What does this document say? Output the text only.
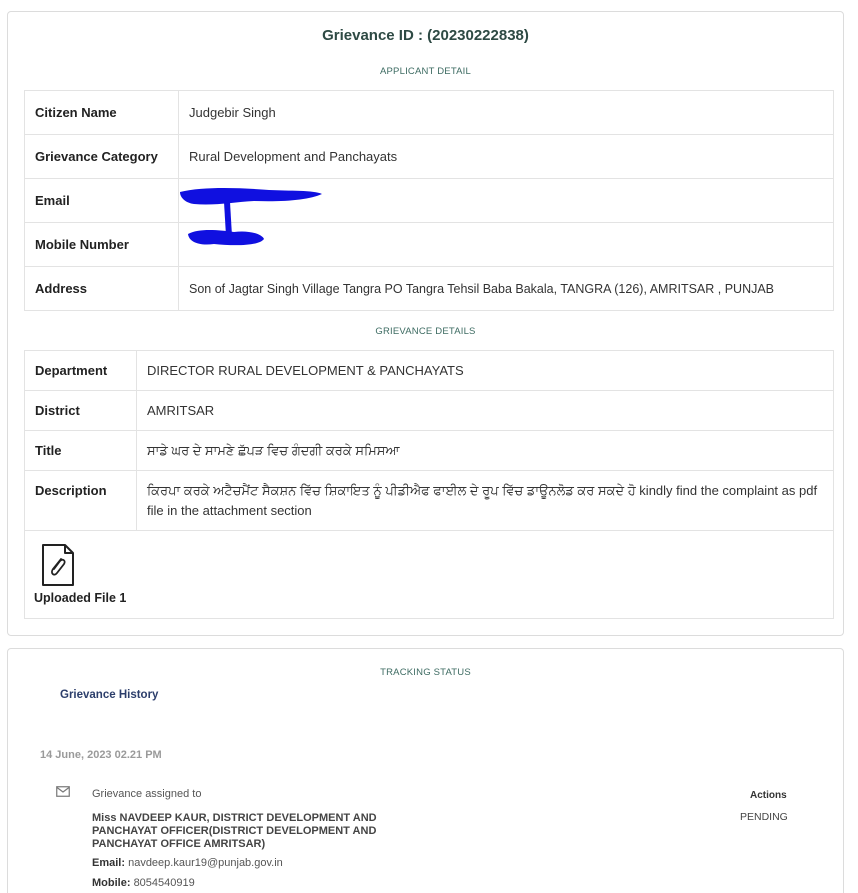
Grievance ID : (20230222838)
APPLICANT DETAIL
Citizen Name	Judgebir Singh
Grievance Category	Rural Development and Panchayats
Email	
Mobile Number	
Address	Son of Jagtar Singh Village Tangra PO Tangra Tehsil Baba Bakala, TANGRA (126), AMRITSAR , PUNJAB
GRIEVANCE DETAILS
Department	DIRECTOR RURAL DEVELOPMENT & PANCHAYATS
District	AMRITSAR
Title	ਸਾਡੇ ਘਰ ਦੇ ਸਾਮਣੇ ਛੱਪੜ ਵਿਚ ਗੰਦਗੀ ਕਰਕੇ ਸਮਿਸਆ
Description	ਕਿਰਪਾ ਕਰਕੇ ਅਟੈਚਮੈਂਟ ਸੈਕਸ਼ਨ ਵਿੱਚ ਸ਼ਿਕਾਇਤ ਨੂੰ ਪੀਡੀਐਫ ਫਾਈਲ ਦੇ ਰੂਪ ਵਿੱਚ ਡਾਊਨਲੋਡ ਕਰ ਸਕਦੇ ਹੋ kindly find the complaint as pdf file in the attachment section

Uploaded File 1	
TRACKING STATUS
Grievance History
14 June, 2023 02.21 PM
Grievance assigned to
Miss NAVDEEP KAUR, DISTRICT DEVELOPMENT AND PANCHAYAT OFFICER(DISTRICT DEVELOPMENT AND PANCHAYAT OFFICE AMRITSAR)
Email: navdeep.kaur19@punjab.gov.in
Mobile: 8054540919
Actions
PENDING
